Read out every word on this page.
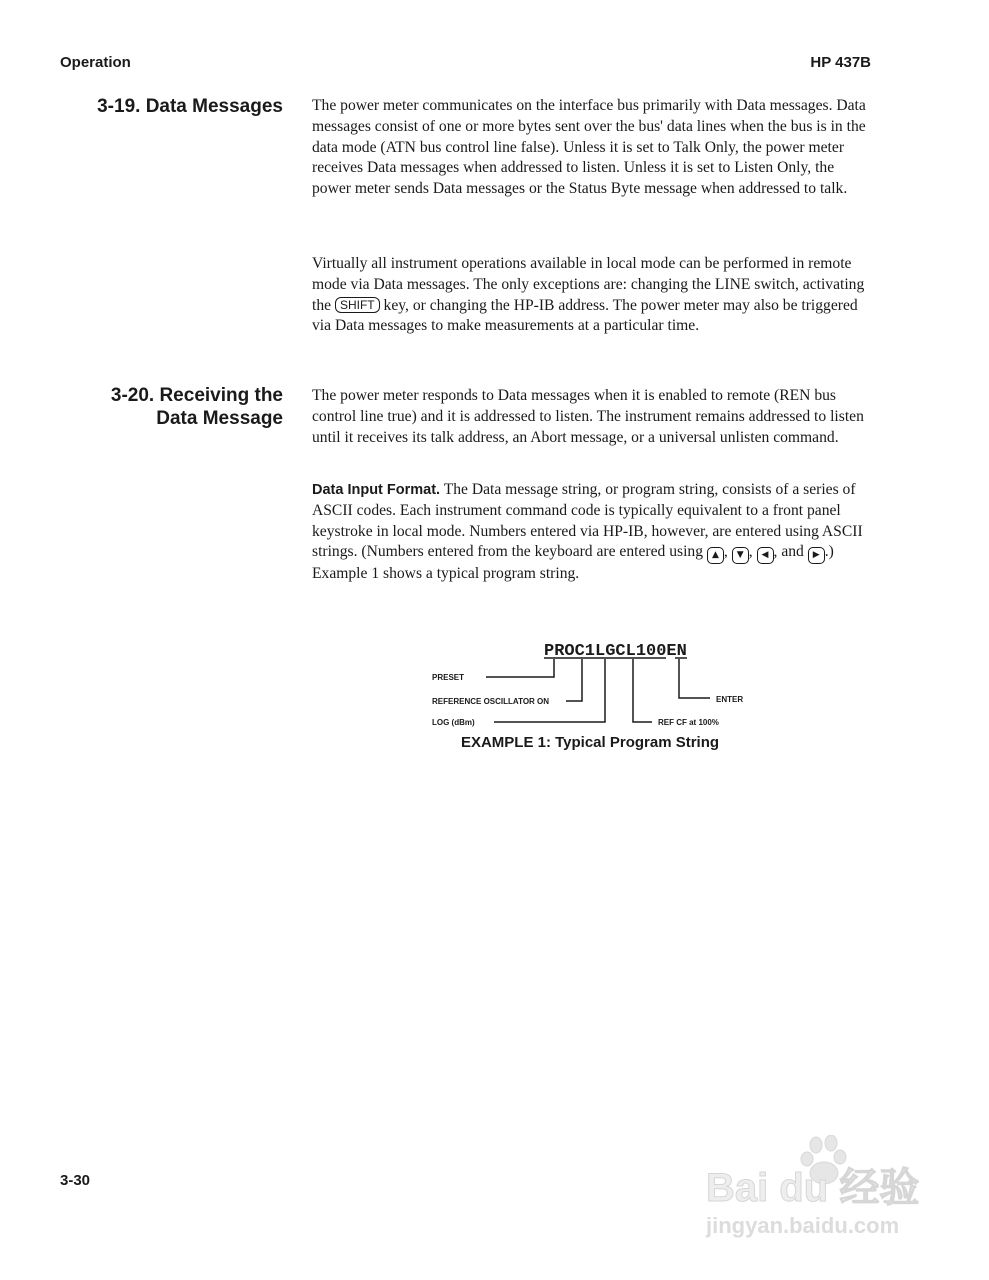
Operation	HP 437B
3-19. Data Messages The power meter communicates on the interface bus primarily with Data messages. Data messages consist of one or more bytes sent over the bus' data lines when the bus is in the data mode (ATN bus control line false). Unless it is set to Talk Only, the power meter receives Data messages when addressed to listen. Unless it is set to Listen Only, the power meter sends Data messages or the Status Byte message when addressed to talk.

Virtually all instrument operations available in local mode can be performed in remote mode via Data messages. The only exceptions are: changing the LINE switch, activating the SHIFT key, or changing the HP-IB address. The power meter may also be triggered via Data messages to make measurements at a particular time.

3-20. Receiving the
Data Message

The power meter responds to Data messages when it is enabled to remote (REN bus control line true) and it is addressed to listen. The instrument remains addressed to listen until it receives its talk address, an Abort message, or a universal unlisten command.

Data Input Format. The Data message string, or program string, consists of a series of ASCII codes. Each instrument command code is typically equivalent to a front panel keystroke in local mode. Numbers entered via HP-IB, however, are entered using ASCII strings. (Numbers entered from the keyboard are entered using ▲ , ▼ , ◀ , and ▶ .) Example 1 shows a typical program string.

PROC1LGCL100EN
PRESET
REFERENCE OSCILLATOR ON
LOG (dBm)
ENTER
REF CF at 100%
EXAMPLE 1: Typical Program String
3-30	Bai du 经验
jingyan.baidu.com
